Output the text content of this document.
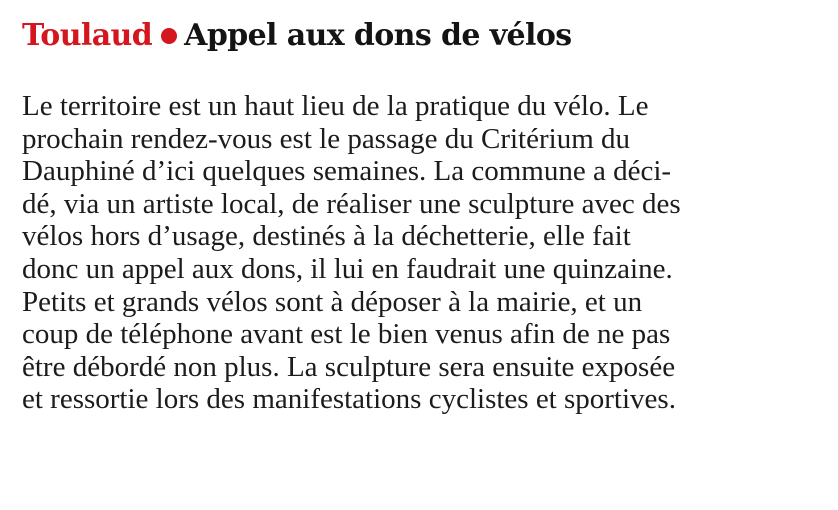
Toulaud Appel aux dons de vélos
Le territoire est un haut lieu de la pratique du vélo. Le
prochain rendez-vous est le passage du Critérium du
Dauphiné d’ici quelques semaines. La commune a déci-
dé, via un artiste local, de réaliser une sculpture avec des
vélos hors d’usage, destinés à la déchetterie, elle fait
donc un appel aux dons, il lui en faudrait une quinzaine.
Petits et grands vélos sont à déposer à la mairie, et un
coup de téléphone avant est le bien venus afin de ne pas
être débordé non plus. La sculpture sera ensuite exposée
et ressortie lors des manifestations cyclistes et sportives.
